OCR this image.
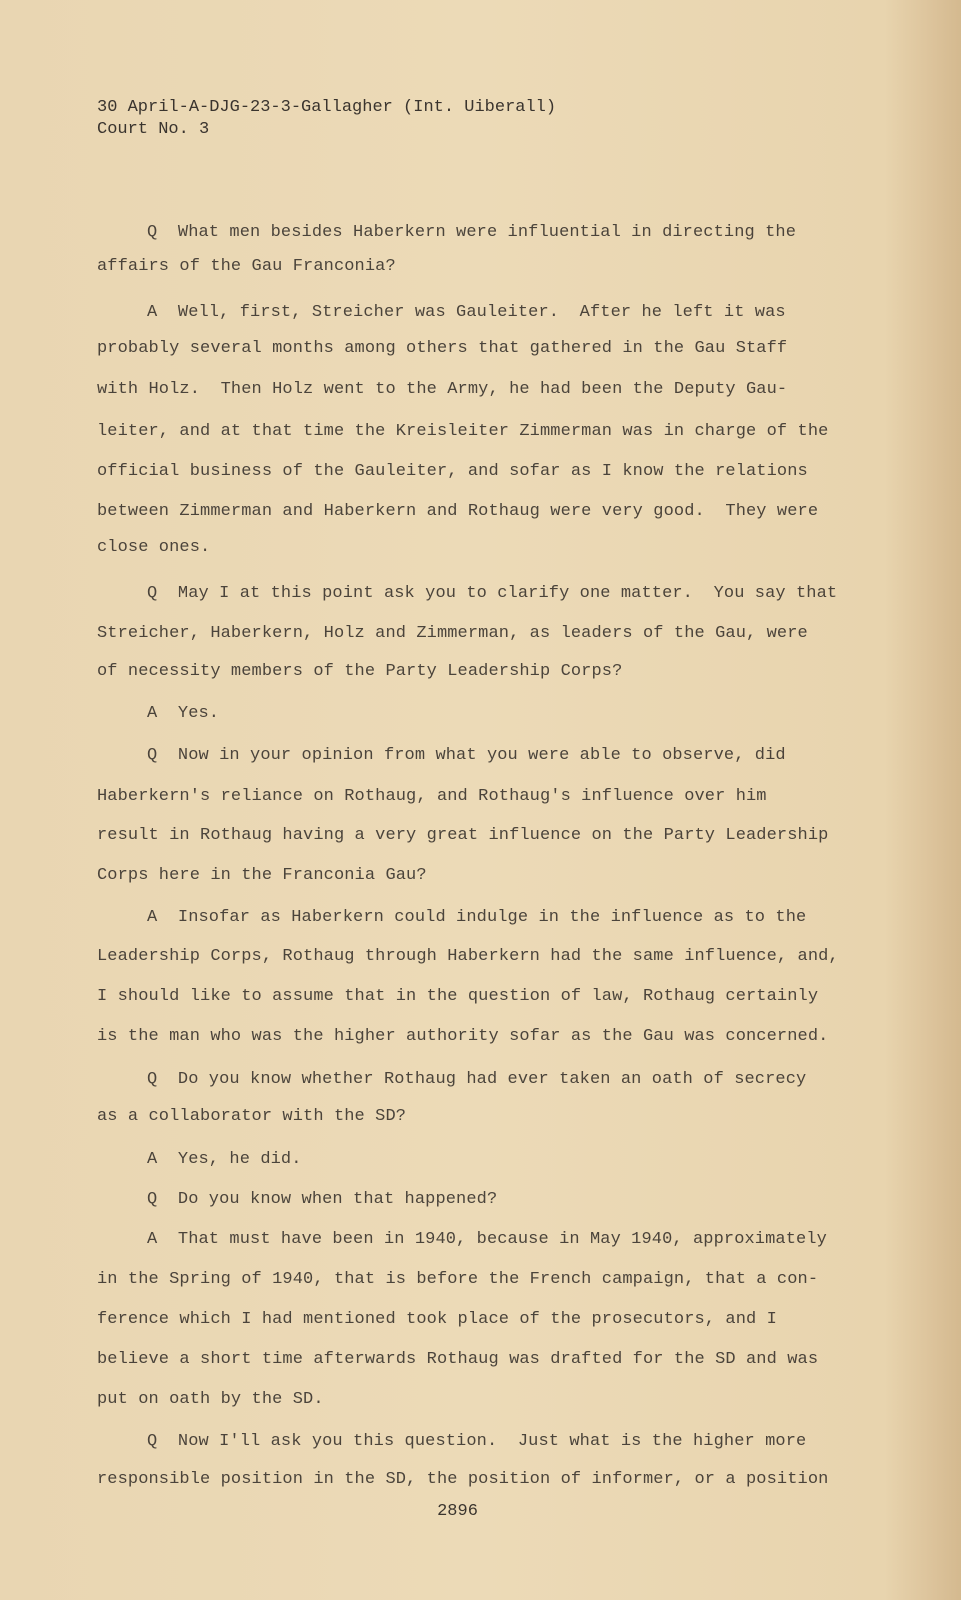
30 April-A-DJG-23-3-Gallagher (Int. Uiberall)
Court No. 3
Q  What men besides Haberkern were influential in directing the
affairs of the Gau Franconia?
A  Well, first, Streicher was Gauleiter.  After he left it was
probably several months among others that gathered in the Gau Staff
with Holz.  Then Holz went to the Army, he had been the Deputy Gau-
leiter, and at that time the Kreisleiter Zimmerman was in charge of the
official business of the Gauleiter, and sofar as I know the relations
between Zimmerman and Haberkern and Rothaug were very good.  They were
close ones.
Q  May I at this point ask you to clarify one matter.  You say that
Streicher, Haberkern, Holz and Zimmerman, as leaders of the Gau, were
of necessity members of the Party Leadership Corps?
A  Yes.
Q  Now in your opinion from what you were able to observe, did
Haberkern's reliance on Rothaug, and Rothaug's influence over him
result in Rothaug having a very great influence on the Party Leadership
Corps here in the Franconia Gau?
A  Insofar as Haberkern could indulge in the influence as to the
Leadership Corps, Rothaug through Haberkern had the same influence, and,
I should like to assume that in the question of law, Rothaug certainly
is the man who was the higher authority sofar as the Gau was concerned.
Q  Do you know whether Rothaug had ever taken an oath of secrecy
as a collaborator with the SD?
A  Yes, he did.
Q  Do you know when that happened?
A  That must have been in 1940, because in May 1940, approximately
in the Spring of 1940, that is before the French campaign, that a con-
ference which I had mentioned took place of the prosecutors, and I
believe a short time afterwards Rothaug was drafted for the SD and was
put on oath by the SD.
Q  Now I'll ask you this question.  Just what is the higher more
responsible position in the SD, the position of informer, or a position
2896
